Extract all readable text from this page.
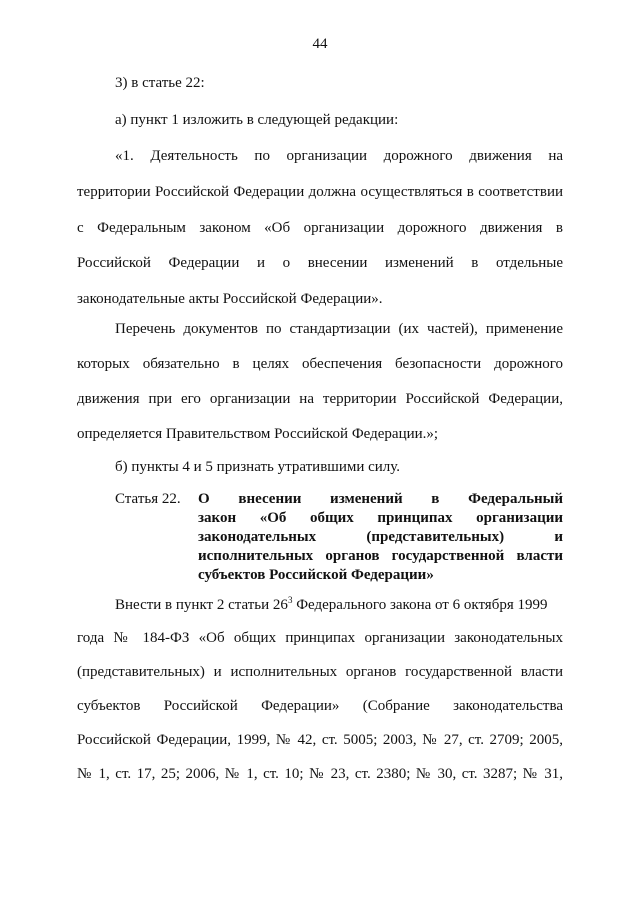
44
3) в статье 22:
а) пункт 1 изложить в следующей редакции:
«1. Деятельность по организации дорожного движения на
территории Российской Федерации должна осуществляться в соответствии
с Федеральным законом «Об организации дорожного движения в
Российской Федерации и о внесении изменений в отдельные
законодательные акты Российской Федерации».
Перечень документов по стандартизации (их частей), применение
которых обязательно в целях обеспечения безопасности дорожного
движения при его организации на территории Российской Федерации,
определяется Правительством Российской Федерации.»;
б) пункты 4 и 5 признать утратившими силу.
Статья 22. О внесении изменений в Федеральный
закон «Об общих принципах организации
законодательных (представительных) и
исполнительных органов государственной власти
субъектов Российской Федерации»
Внести в пункт 2 статьи $26^3$ Федерального закона от 6 октября 1999
года № 184-ФЗ «Об общих принципах организации законодательных
(представительных) и исполнительных органов государственной власти
субъектов Российской Федерации» (Собрание законодательства
Российской Федерации, 1999, № 42, ст. 5005; 2003, № 27, ст. 2709; 2005,
№ 1, ст. 17, 25; 2006, № 1, ст. 10; № 23, ст. 2380; № 30, ст. 3287; № 31,
